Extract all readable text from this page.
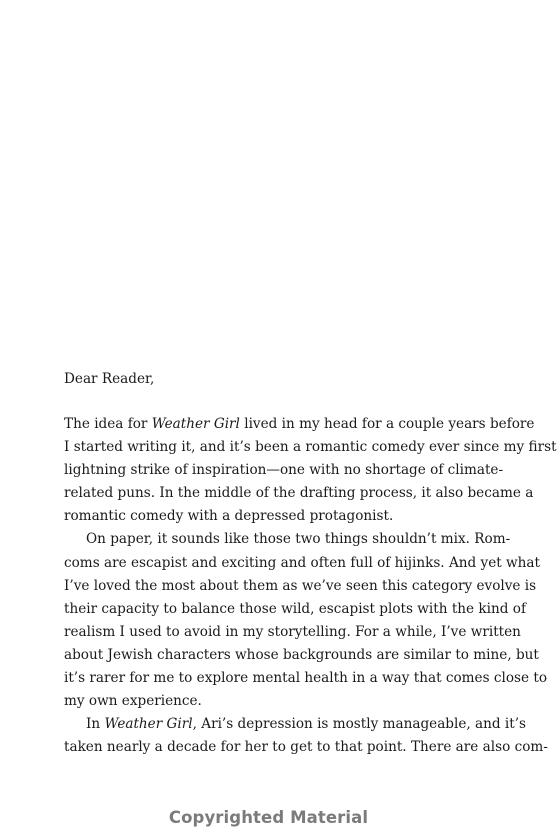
Dear Reader,
The idea for Weather Girl lived in my head for a couple years before
I started writing it, and it’s been a romantic comedy ever since my first
lightning strike of inspiration—one with no shortage of climate-
related puns. In the middle of the drafting process, it also became a
romantic comedy with a depressed protagonist.
On paper, it sounds like those two things shouldn’t mix. Rom-
coms are escapist and exciting and often full of hijinks. And yet what
I’ve loved the most about them as we’ve seen this category evolve is
their capacity to balance those wild, escapist plots with the kind of
realism I used to avoid in my storytelling. For a while, I’ve written
about Jewish characters whose backgrounds are similar to mine, but
it’s rarer for me to explore mental health in a way that comes close to
my own experience.
In Weather Girl, Ari’s depression is mostly manageable, and it’s
taken nearly a decade for her to get to that point. There are also com-
Copyrighted Material
